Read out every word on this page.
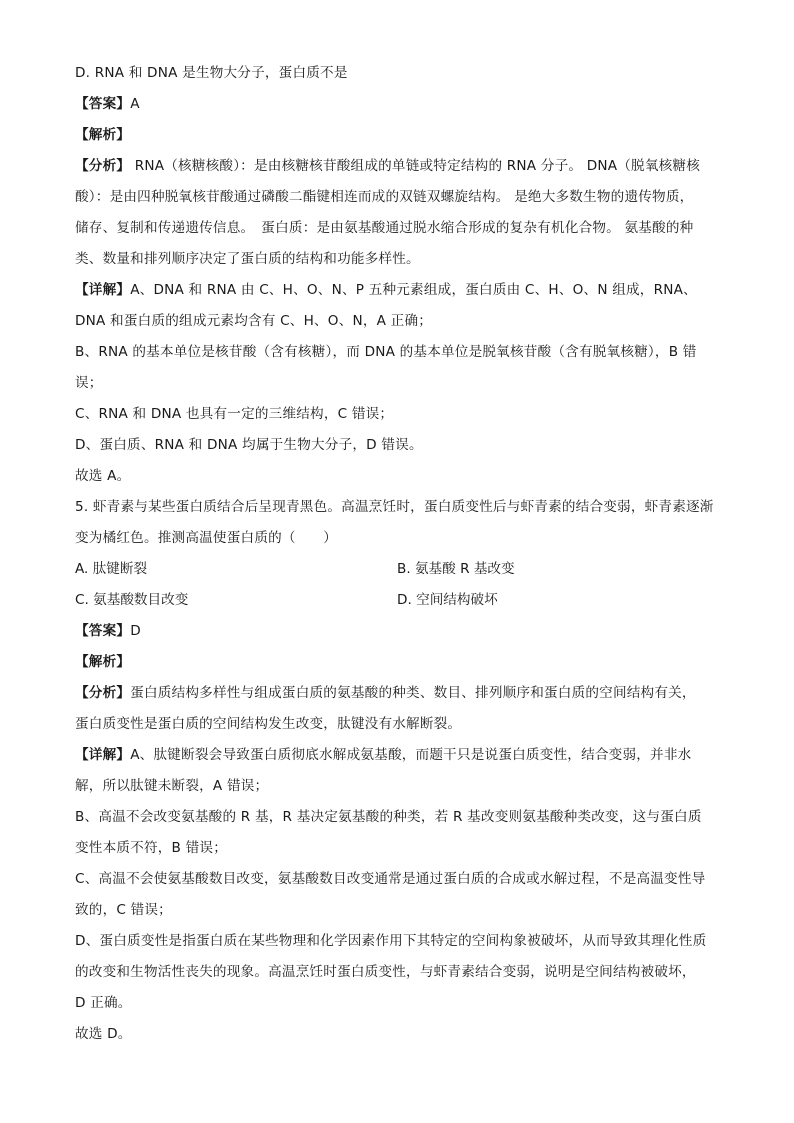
D. RNA 和 DNA 是生物大分子，蛋白质不是
【答案】A
【解析】
【分析】 RNA（核糖核酸）：是由核糖核苷酸组成的单链或特定结构的 RNA 分子。 DNA（脱氧核糖核
酸）：是由四种脱氧核苷酸通过磷酸二酯键相连而成的双链双螺旋结构。 是绝大多数生物的遗传物质，
储存、复制和传递遗传信息。　蛋白质：是由氨基酸通过脱水缩合形成的复杂有机化合物。 氨基酸的种
类、数量和排列顺序决定了蛋白质的结构和功能多样性。
【详解】A、DNA 和 RNA 由 C、H、O、N、P 五种元素组成，蛋白质由 C、H、O、N 组成，RNA、
DNA 和蛋白质的组成元素均含有 C、H、O、N，A 正确；
B、RNA 的基本单位是核苷酸（含有核糖），而 DNA 的基本单位是脱氧核苷酸（含有脱氧核糖），B 错
误；
C、RNA 和 DNA 也具有一定的三维结构，C 错误；
D、蛋白质、RNA 和 DNA 均属于生物大分子，D 错误。
故选 A。
5. 虾青素与某些蛋白质结合后呈现青黑色。高温烹饪时，蛋白质变性后与虾青素的结合变弱，虾青素逐渐
变为橘红色。推测高温使蛋白质的（　　）
A. 肽键断裂	B. 氨基酸 R 基改变
C. 氨基酸数目改变	D. 空间结构破坏
【答案】D
【解析】
【分析】蛋白质结构多样性与组成蛋白质的氨基酸的种类、数目、排列顺序和蛋白质的空间结构有关，
蛋白质变性是蛋白质的空间结构发生改变，肽键没有水解断裂。
【详解】A、肽键断裂会导致蛋白质彻底水解成氨基酸，而题干只是说蛋白质变性，结合变弱，并非水
解，所以肽键未断裂，A 错误；
B、高温不会改变氨基酸的 R 基，R 基决定氨基酸的种类，若 R 基改变则氨基酸种类改变，这与蛋白质
变性本质不符，B 错误；
C、高温不会使氨基酸数目改变，氨基酸数目改变通常是通过蛋白质的合成或水解过程，不是高温变性导
致的，C 错误；
D、蛋白质变性是指蛋白质在某些物理和化学因素作用下其特定的空间构象被破坏，从而导致其理化性质
的改变和生物活性丧失的现象。高温烹饪时蛋白质变性，与虾青素结合变弱，说明是空间结构被破坏，
D 正确。
故选 D。
